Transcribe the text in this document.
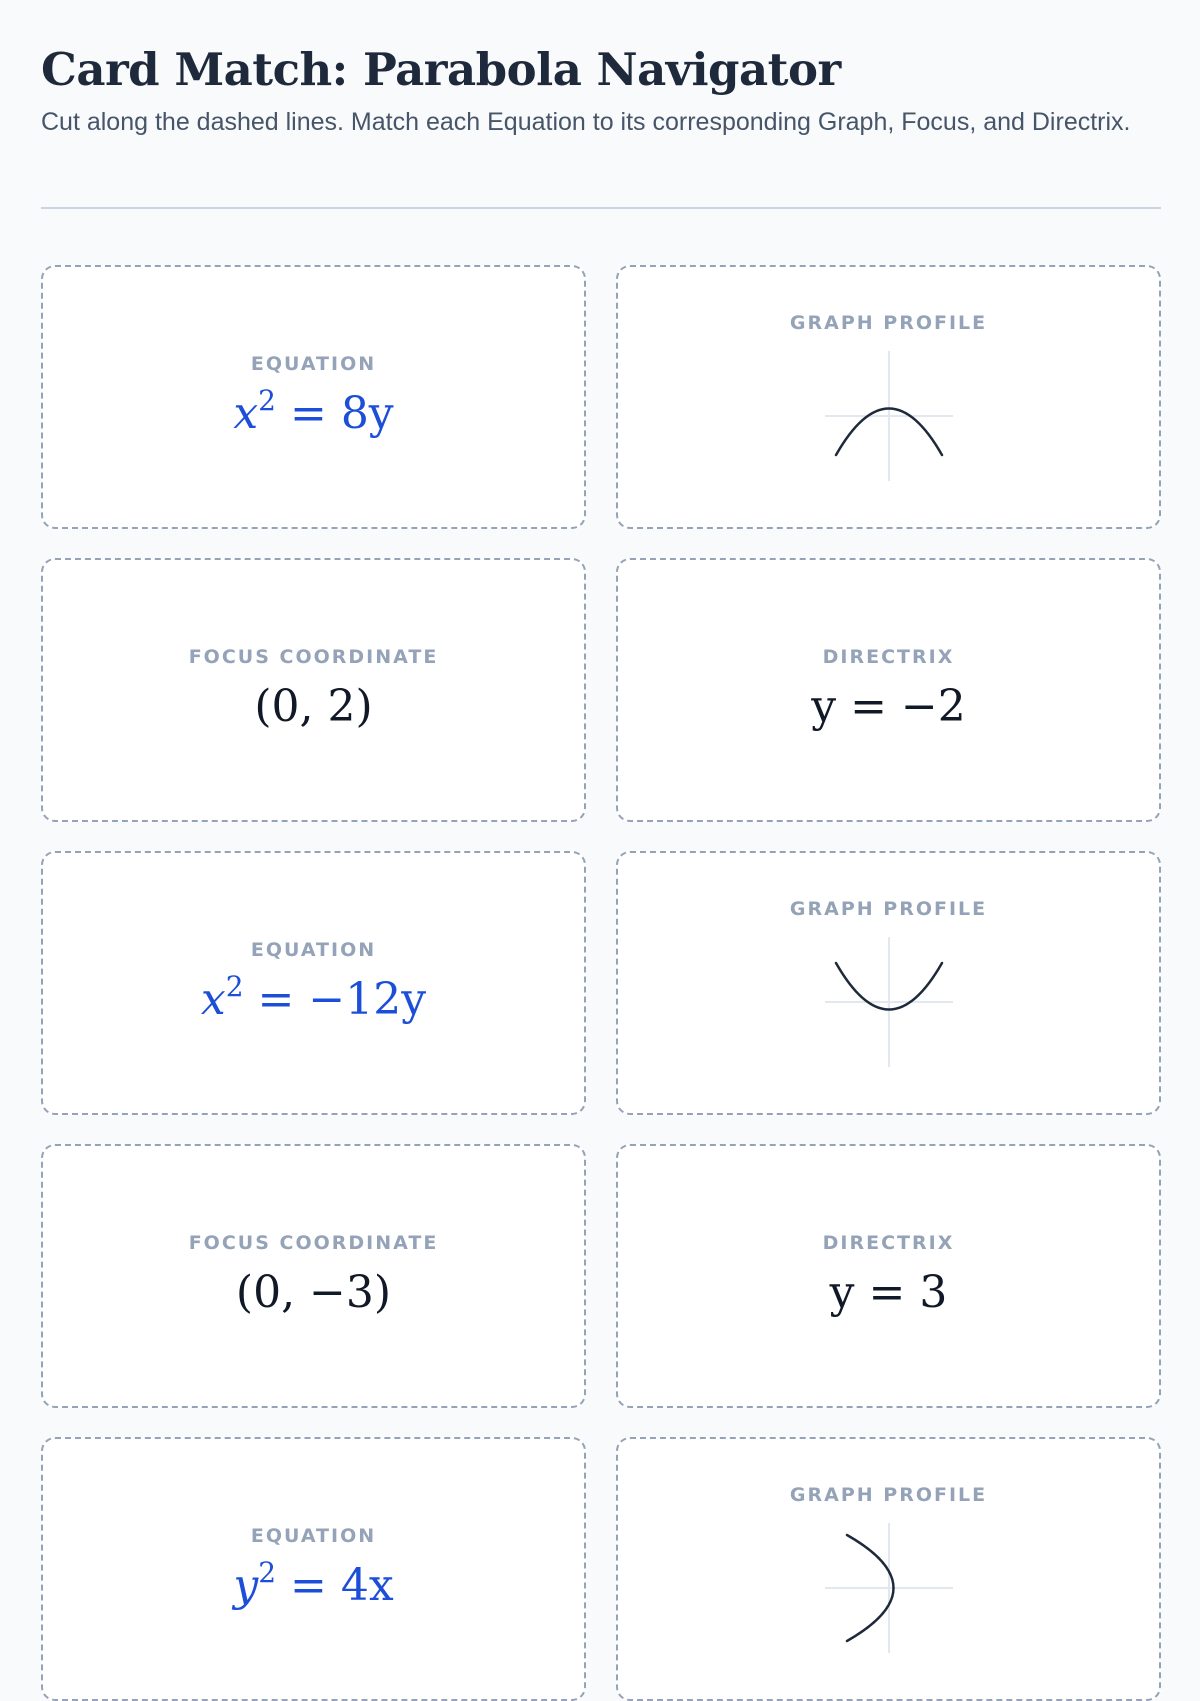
Card Match: Parabola Navigator

Cut along the dashed lines. Match each Equation to its corresponding Graph, Focus, and Directrix.

EQUATION
$x^2 = 8y$
GRAPH PROFILE
FOCUS COORDINATE
(0, 2)
DIRECTRIX
y = −2
EQUATION
$x^2 = -12y$
GRAPH PROFILE
FOCUS COORDINATE
(0, −3)
DIRECTRIX
y = 3
EQUATION
$y^2 = 4x$
GRAPH PROFILE
